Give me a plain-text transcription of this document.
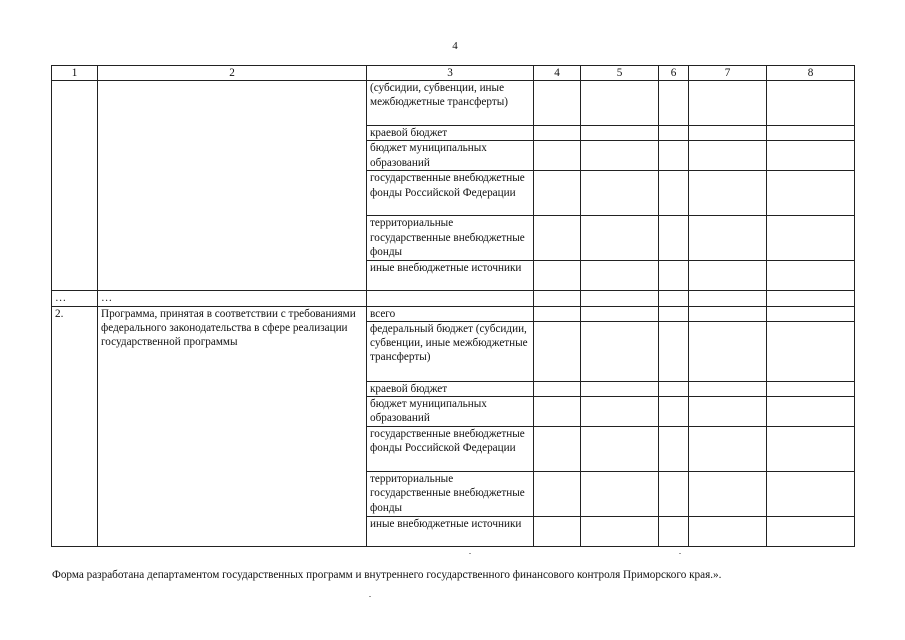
4
1	2	3	4	5	6	7	8
		(субсидии, субвенции, иные межбюджетные трансферты)					
		краевой бюджет					
		бюджет муниципальных образований					
		государственные внебюджетные фонды Российской Федерации					
		территориальные государственные внебюджетные фонды					
		иные внебюджетные источники					
…	…						
2.	Программа, принятая в соответствии с требованиями федерального законодательства в сфере реализации государственной программы	всего					
		федеральный бюджет (субсидии, субвенции, иные межбюджетные трансферты)					
		краевой бюджет					
		бюджет муниципальных образований					
		государственные внебюджетные фонды Российской Федерации					
		территориальные государственные внебюджетные фонды					
		иные внебюджетные источники					
Форма разработана департаментом государственных программ и внутреннего государственного финансового контроля Приморского края.».
